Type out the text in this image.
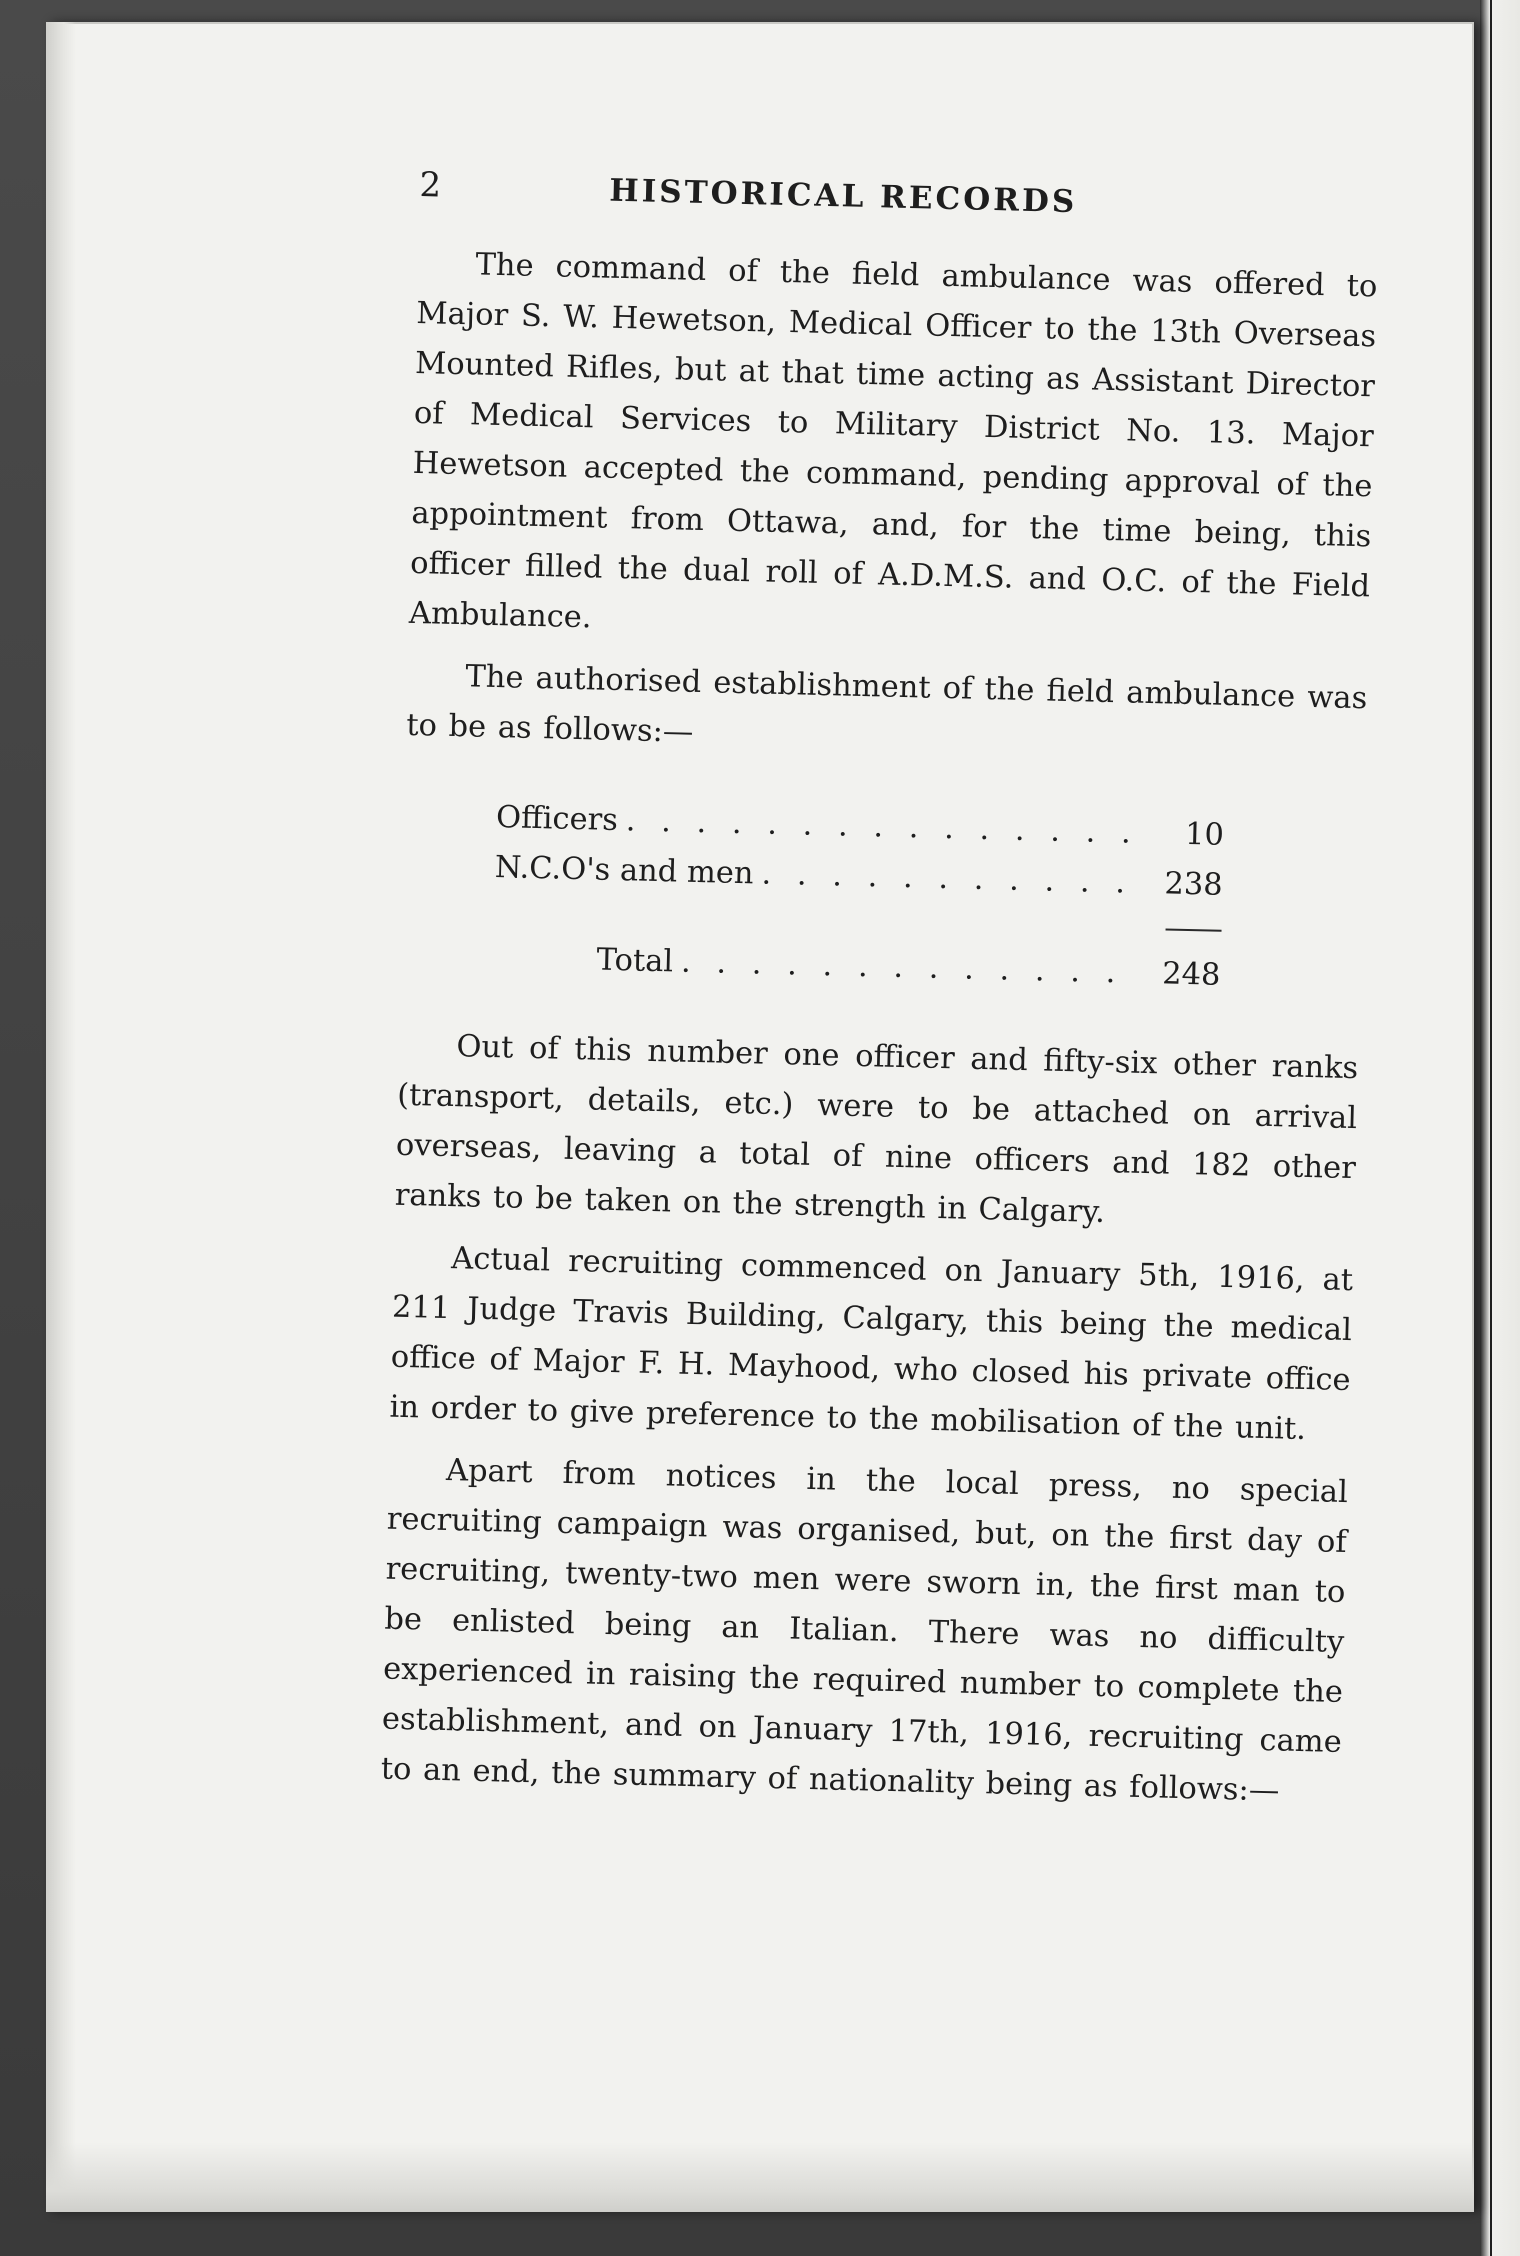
2	HISTORICAL RECORDS

The command of the field ambulance was offered to Major S. W. Hewetson, Medical Officer to the 13th Overseas Mounted Rifles, but at that time acting as Assistant Director of Medical Services to Military District No. 13. Major Hewetson accepted the command, pending approval of the appointment from Ottawa, and, for the time being, this officer filled the dual roll of A.D.M.S. and O.C. of the Field Ambulance.

The authorised establishment of the field ambulance was to be as follows:—

Officers . . .	10
N.C.O's and men . . .	238
Total . . .	248

Out of this number one officer and fifty-six other ranks (transport, details, etc.) were to be attached on arrival overseas, leaving a total of nine officers and 182 other ranks to be taken on the strength in Calgary.

Actual recruiting commenced on January 5th, 1916, at 211 Judge Travis Building, Calgary, this being the medical office of Major F. H. Mayhood, who closed his private office in order to give preference to the mobilisation of the unit.

Apart from notices in the local press, no special recruiting campaign was organised, but, on the first day of recruiting, twenty-two men were sworn in, the first man to be enlisted being an Italian. There was no difficulty experienced in raising the required number to complete the establishment, and on January 17th, 1916, recruiting came to an end, the summary of nationality being as follows:—
